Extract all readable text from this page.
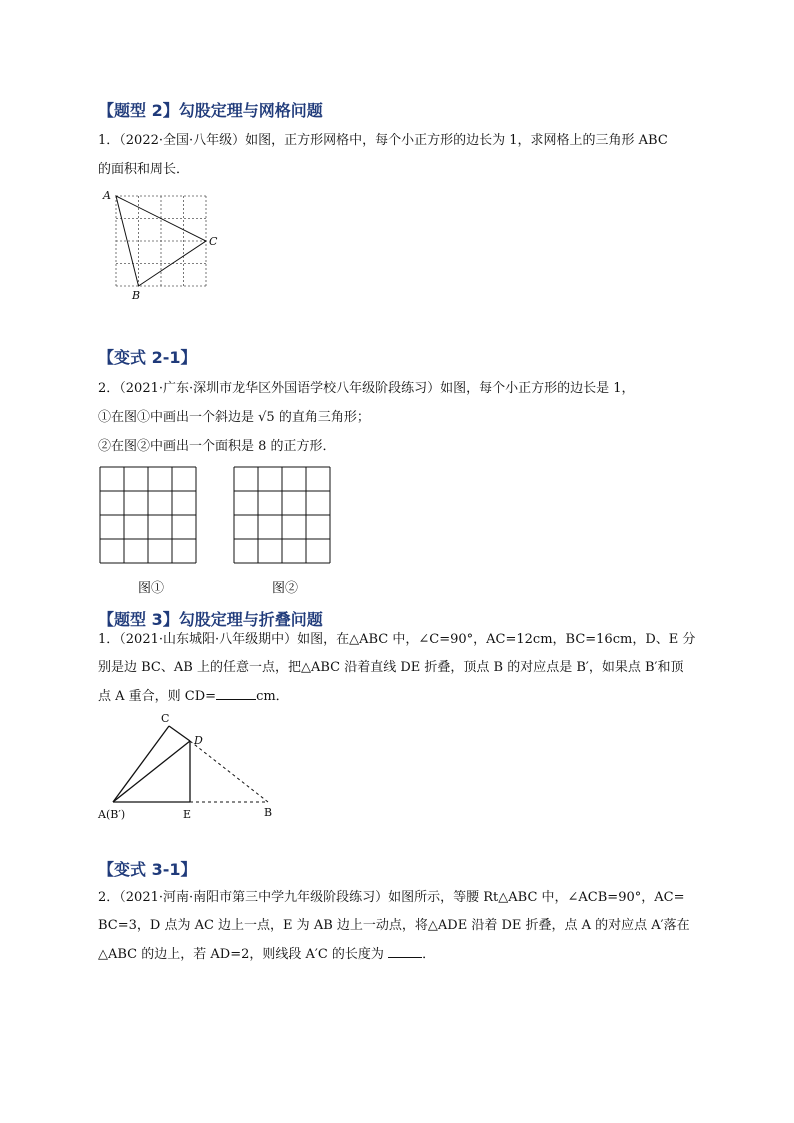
【题型 2】勾股定理与网格问题
1．（2022·全国·八年级）如图，正方形网格中，每个小正方形的边长为 1，求网格上的三角形 ABC
的面积和周长．
A
C
B
【变式 2-1】
2．（2021·广东·深圳市龙华区外国语学校八年级阶段练习）如图，每个小正方形的边长是 1，
①在图①中画出一个斜边是 √5 的直角三角形；
②在图②中画出一个面积是 8 的正方形．
图①	图②
【题型 3】勾股定理与折叠问题
1．（2021·山东城阳·八年级期中）如图，在△ABC 中，∠C=90°，AC=12cm，BC=16cm，D、E 分
别是边 BC、AB 上的任意一点，把△ABC 沿着直线 DE 折叠，顶点 B 的对应点是 B′，如果点 B′和顶
点 A 重合，则 CD=	cm．
C
D
A(B′)	E	B
【变式 3-1】
2．（2021·河南·南阳市第三中学九年级阶段练习）如图所示，等腰 Rt△ABC 中，∠ACB=90°，AC=
BC=3，D 点为 AC 边上一点，E 为 AB 边上一动点，将△ADE 沿着 DE 折叠，点 A 的对应点 A′落在
△ABC 的边上，若 AD=2，则线段 A′C 的长度为	．
